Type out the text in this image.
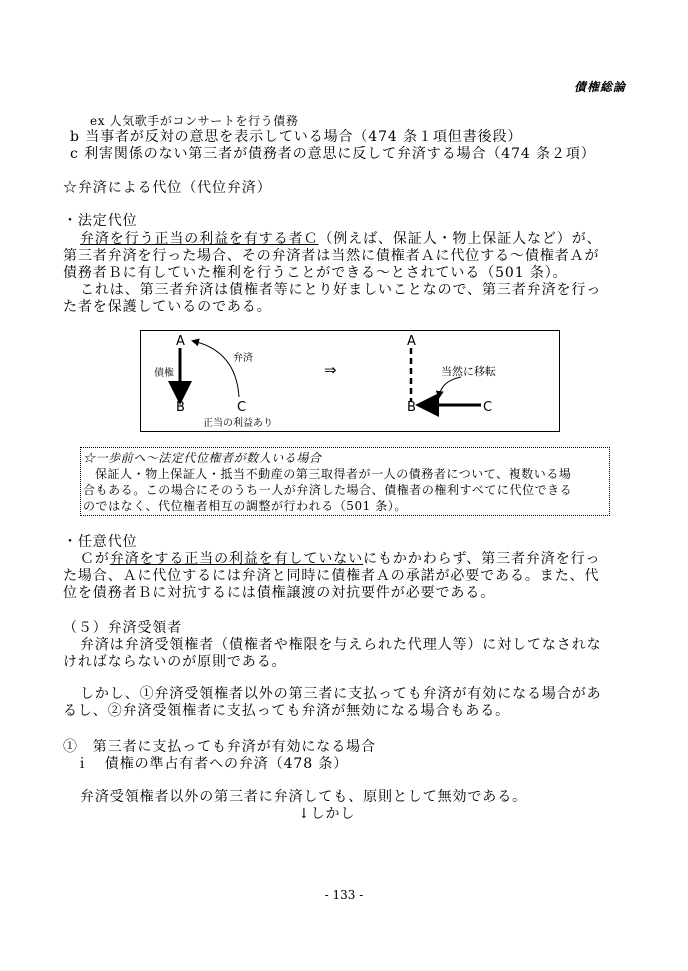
債権総論
ex 人気歌手がコンサートを行う債務
b 当事者が反対の意思を表示している場合（474 条１項但書後段）
c 利害関係のない第三者が債務者の意思に反して弁済する場合（474 条２項）
☆弁済による代位（代位弁済）
・法定代位
弁済を行う正当の利益を有する者Ｃ（例えば、保証人・物上保証人など）が、
第三者弁済を行った場合、その弁済者は当然に債権者Ａに代位する～債権者Ａが
債務者Ｂに有していた権利を行うことができる～とされている（501 条）。
これは、第三者弁済は債権者等にとり好ましいことなので、第三者弁済を行っ
た者を保護しているのである。
A
債権
B
弁済
C
正当の利益あり
⇒
A
B	C
当然に移転
☆一歩前へ～法定代位権者が数人いる場合
保証人・物上保証人・抵当不動産の第三取得者が一人の債務者について、複数いる場
合もある。この場合にそのうち一人が弁済した場合、債権者の権利すべてに代位できる
のではなく、代位権者相互の調整が行われる（501 条）。
・任意代位
Ｃが弁済をする正当の利益を有していないにもかかわらず、第三者弁済を行っ
た場合、Ａに代位するには弁済と同時に債権者Ａの承諾が必要である。また、代
位を債務者Ｂに対抗するには債権譲渡の対抗要件が必要である。
（５）弁済受領者
弁済は弁済受領権者（債権者や権限を与えられた代理人等）に対してなされな
ければならないのが原則である。
しかし、①弁済受領権者以外の第三者に支払っても弁済が有効になる場合があ
るし、②弁済受領権者に支払っても弁済が無効になる場合もある。
①　第三者に支払っても弁済が有効になる場合
ｉ　債権の準占有者への弁済（478 条）
弁済受領権者以外の第三者に弁済しても、原則として無効である。
↓しかし
- 133 -
